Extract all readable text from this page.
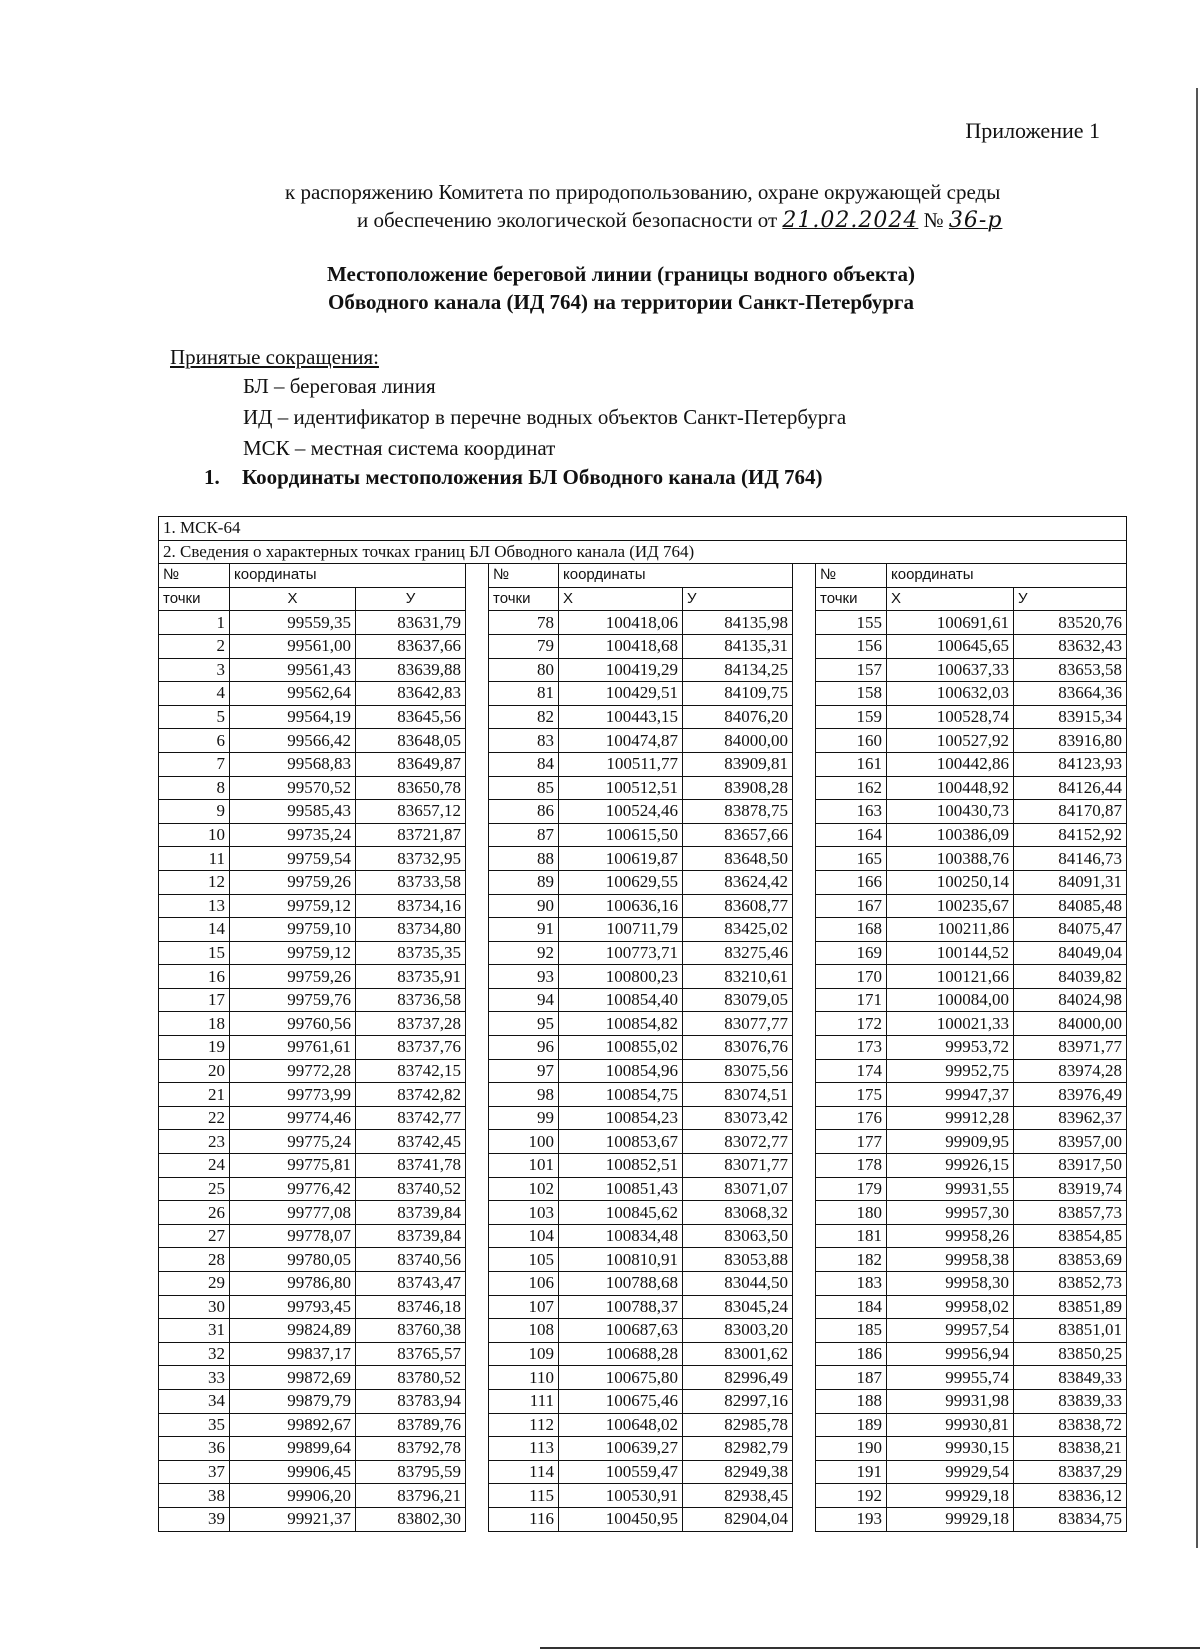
Приложение 1
к распоряжению Комитета по природопользованию, охране окружающей среды
и обеспечению экологической безопасности от 21.02.2024 № 36-р
Местоположение береговой линии (границы водного объекта)
Обводного канала (ИД 764) на территории Санкт-Петербурга
Принятые сокращения:
БЛ – береговая линия
ИД – идентификатор в перечне водных объектов Санкт-Петербурга
МСК – местная система координат
1. Координаты местоположения БЛ Обводного канала (ИД 764)
1. МСК-64										
2. Сведения о характерных точках границ БЛ Обводного канала (ИД 764)										
№	координаты			№	координаты			№	координаты	
точки	X	У		точки	X	У		точки	X	У
1	99559,35	83631,79		78	100418,06	84135,98		155	100691,61	83520,76
2	99561,00	83637,66		79	100418,68	84135,31		156	100645,65	83632,43
3	99561,43	83639,88		80	100419,29	84134,25		157	100637,33	83653,58
4	99562,64	83642,83		81	100429,51	84109,75		158	100632,03	83664,36
5	99564,19	83645,56		82	100443,15	84076,20		159	100528,74	83915,34
6	99566,42	83648,05		83	100474,87	84000,00		160	100527,92	83916,80
7	99568,83	83649,87		84	100511,77	83909,81		161	100442,86	84123,93
8	99570,52	83650,78		85	100512,51	83908,28		162	100448,92	84126,44
9	99585,43	83657,12		86	100524,46	83878,75		163	100430,73	84170,87
10	99735,24	83721,87		87	100615,50	83657,66		164	100386,09	84152,92
11	99759,54	83732,95		88	100619,87	83648,50		165	100388,76	84146,73
12	99759,26	83733,58		89	100629,55	83624,42		166	100250,14	84091,31
13	99759,12	83734,16		90	100636,16	83608,77		167	100235,67	84085,48
14	99759,10	83734,80		91	100711,79	83425,02		168	100211,86	84075,47
15	99759,12	83735,35		92	100773,71	83275,46		169	100144,52	84049,04
16	99759,26	83735,91		93	100800,23	83210,61		170	100121,66	84039,82
17	99759,76	83736,58		94	100854,40	83079,05		171	100084,00	84024,98
18	99760,56	83737,28		95	100854,82	83077,77		172	100021,33	84000,00
19	99761,61	83737,76		96	100855,02	83076,76		173	99953,72	83971,77
20	99772,28	83742,15		97	100854,96	83075,56		174	99952,75	83974,28
21	99773,99	83742,82		98	100854,75	83074,51		175	99947,37	83976,49
22	99774,46	83742,77		99	100854,23	83073,42		176	99912,28	83962,37
23	99775,24	83742,45		100	100853,67	83072,77		177	99909,95	83957,00
24	99775,81	83741,78		101	100852,51	83071,77		178	99926,15	83917,50
25	99776,42	83740,52		102	100851,43	83071,07		179	99931,55	83919,74
26	99777,08	83739,84		103	100845,62	83068,32		180	99957,30	83857,73
27	99778,07	83739,84		104	100834,48	83063,50		181	99958,26	83854,85
28	99780,05	83740,56		105	100810,91	83053,88		182	99958,38	83853,69
29	99786,80	83743,47		106	100788,68	83044,50		183	99958,30	83852,73
30	99793,45	83746,18		107	100788,37	83045,24		184	99958,02	83851,89
31	99824,89	83760,38		108	100687,63	83003,20		185	99957,54	83851,01
32	99837,17	83765,57		109	100688,28	83001,62		186	99956,94	83850,25
33	99872,69	83780,52		110	100675,80	82996,49		187	99955,74	83849,33
34	99879,79	83783,94		111	100675,46	82997,16		188	99931,98	83839,33
35	99892,67	83789,76		112	100648,02	82985,78		189	99930,81	83838,72
36	99899,64	83792,78		113	100639,27	82982,79		190	99930,15	83838,21
37	99906,45	83795,59		114	100559,47	82949,38		191	99929,54	83837,29
38	99906,20	83796,21		115	100530,91	82938,45		192	99929,18	83836,12
39	99921,37	83802,30		116	100450,95	82904,04		193	99929,18	83834,75
